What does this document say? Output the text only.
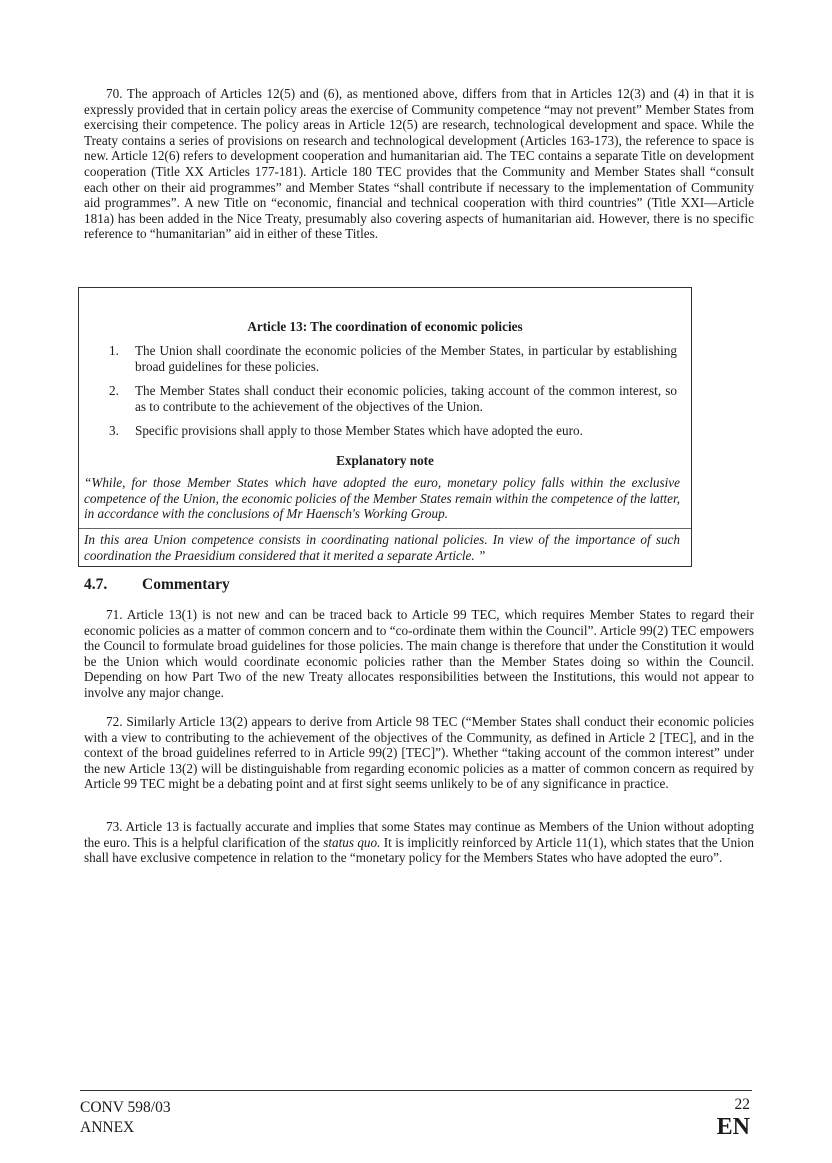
70. The approach of Articles 12(5) and (6), as mentioned above, differs from that in Articles 12(3) and (4) in that it is expressly provided that in certain policy areas the exercise of Community competence “may not prevent” Member States from exercising their competence. The policy areas in Article 12(5) are research, technological development and space. While the Treaty contains a series of provisions on research and technological development (Articles 163-173), the reference to space is new. Article 12(6) refers to development cooperation and humanitarian aid. The TEC contains a separate Title on development cooperation (Title XX Articles 177-181). Article 180 TEC provides that the Community and Member States shall “consult each other on their aid programmes” and Member States “shall contribute if necessary to the implementation of Community aid programmes”. A new Title on “economic, financial and technical cooperation with third countries” (Title XXI—Article 181a) has been added in the Nice Treaty, presumably also covering aspects of humanitarian aid. However, there is no specific reference to “humanitarian” aid in either of these Titles.

Article 13: The coordination of economic policies
1. The Union shall coordinate the economic policies of the Member States, in particular by establishing broad guidelines for these policies.
2. The Member States shall conduct their economic policies, taking account of the common interest, so as to contribute to the achievement of the objectives of the Union.
3. Specific provisions shall apply to those Member States which have adopted the euro.
Explanatory note

“While, for those Member States which have adopted the euro, monetary policy falls within the exclusive competence of the Union, the economic policies of the Member States remain within the competence of the latter, in accordance with the conclusions of Mr Haensch's Working Group.

In this area Union competence consists in coordinating national policies. In view of the importance of such coordination the Praesidium considered that it merited a separate Article. ”

4.7. Commentary

71. Article 13(1) is not new and can be traced back to Article 99 TEC, which requires Member States to regard their economic policies as a matter of common concern and to “co-ordinate them within the Council”. Article 99(2) TEC empowers the Council to formulate broad guidelines for those policies. The main change is therefore that under the Constitution it would be the Union which would coordinate economic policies rather than the Member States doing so within the Council. Depending on how Part Two of the new Treaty allocates responsibilities between the Institutions, this would not appear to involve any major change.

72. Similarly Article 13(2) appears to derive from Article 98 TEC (“Member States shall conduct their economic policies with a view to contributing to the achievement of the objectives of the Community, as defined in Article 2 [TEC], and in the context of the broad guidelines referred to in Article 99(2) [TEC]”). Whether “taking account of the common interest” under the new Article 13(2) will be distinguishable from regarding economic policies as a matter of common concern as required by Article 99 TEC might be a debating point and at first sight seems unlikely to be of any significance in practice.

73. Article 13 is factually accurate and implies that some States may continue as Members of the Union without adopting the euro. This is a helpful clarification of the status quo. It is implicitly reinforced by Article 11(1), which states that the Union shall have exclusive competence in relation to the “monetary policy for the Members States who have adopted the euro”.

CONV 598/03
ANNEX
22
EN
